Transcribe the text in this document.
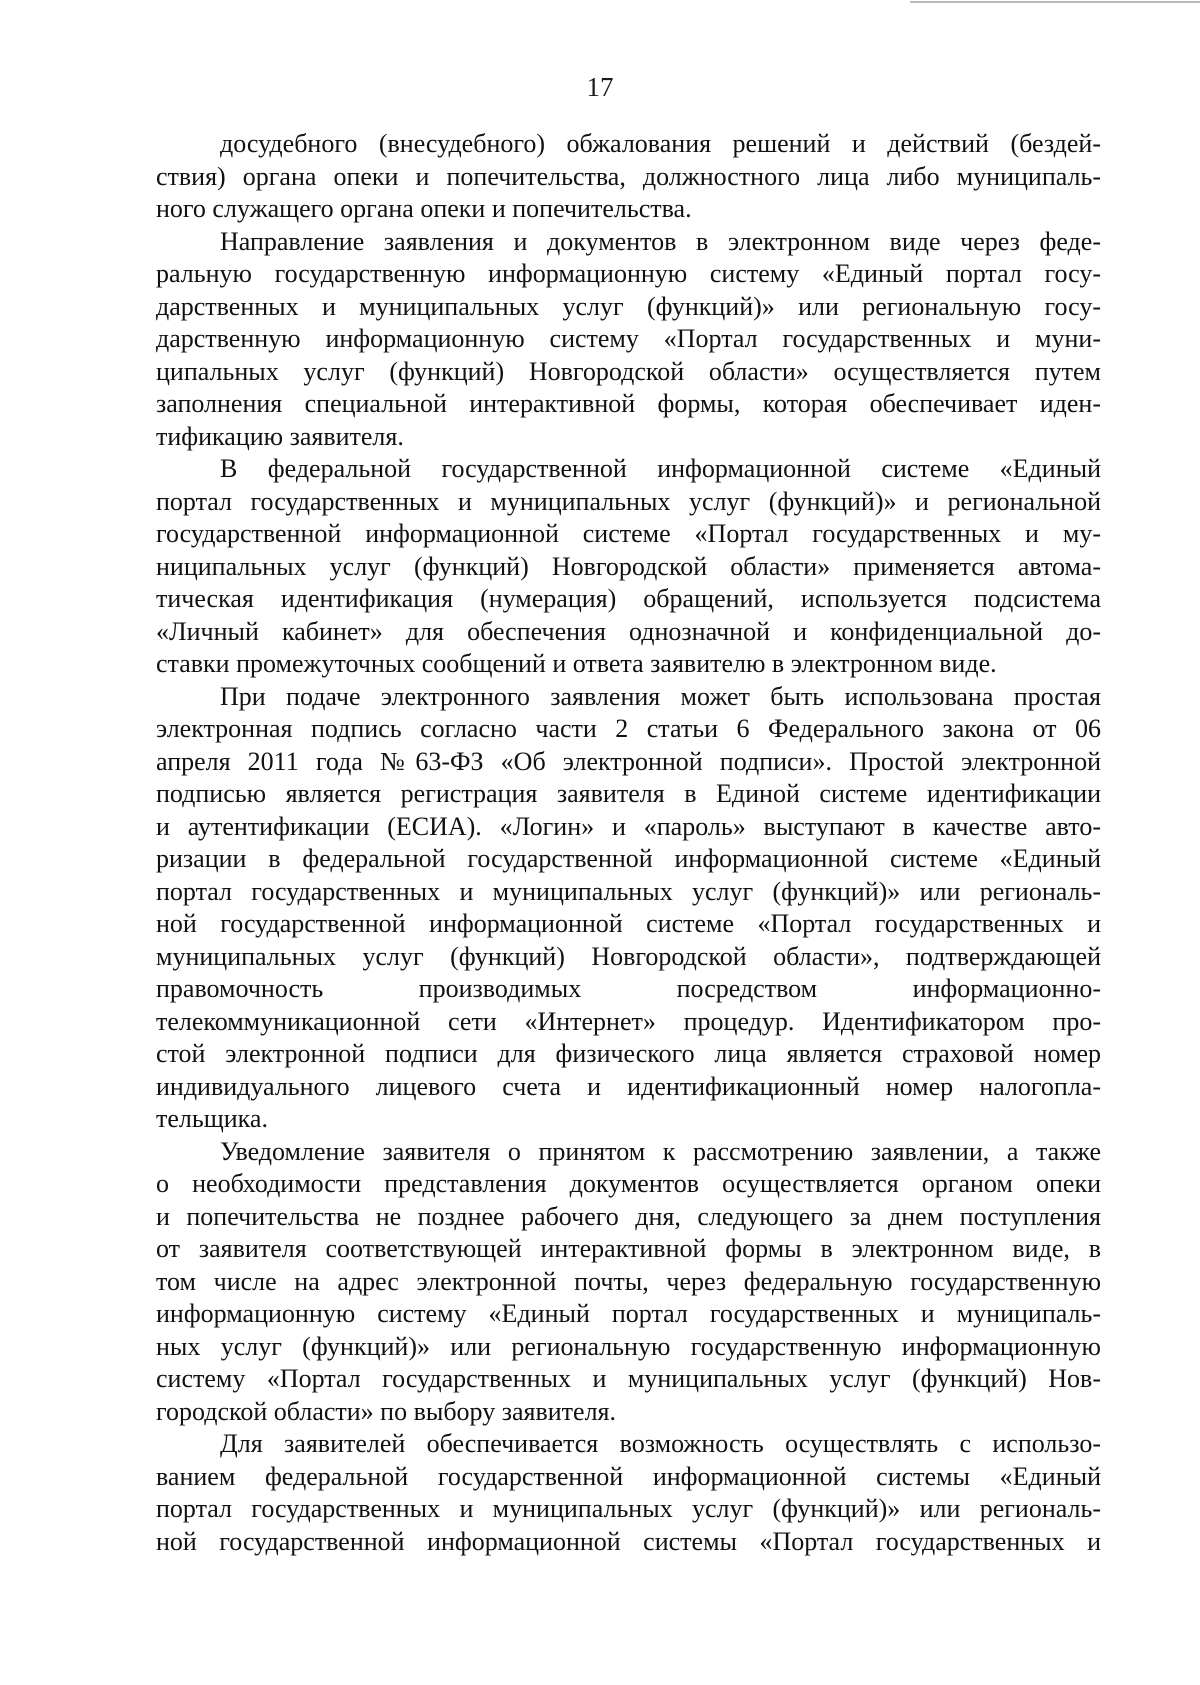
17
досудебного (внесудебного) обжалования решений и действий (бездей-
ствия) органа опеки и попечительства, должностного лица либо муниципаль-
ного служащего органа опеки и попечительства.
Направление заявления и документов в электронном виде через феде-
ральную государственную информационную систему «Единый портал госу-
дарственных и муниципальных услуг (функций)» или региональную госу-
дарственную информационную систему «Портал государственных и муни-
ципальных услуг (функций) Новгородской области» осуществляется путем
заполнения специальной интерактивной формы, которая обеспечивает иден-
тификацию заявителя.
В федеральной государственной информационной системе «Единый
портал государственных и муниципальных услуг (функций)» и региональной
государственной информационной системе «Портал государственных и му-
ниципальных услуг (функций) Новгородской области» применяется автома-
тическая идентификация (нумерация) обращений, используется подсистема
«Личный кабинет» для обеспечения однозначной и конфиденциальной до-
ставки промежуточных сообщений и ответа заявителю в электронном виде.
При подаче электронного заявления может быть использована простая
электронная подпись согласно части 2 статьи 6 Федерального закона от 06
апреля 2011 года №63-ФЗ «Об электронной подписи». Простой электронной
подписью является регистрация заявителя в Единой системе идентификации
и аутентификации (ЕСИА). «Логин» и «пароль» выступают в качестве авто-
ризации в федеральной государственной информационной системе «Единый
портал государственных и муниципальных услуг (функций)» или региональ-
ной государственной информационной системе «Портал государственных и
муниципальных услуг (функций) Новгородской области», подтверждающей
правомочность производимых посредством информационно-
телекоммуникационной сети «Интернет» процедур. Идентификатором про-
стой электронной подписи для физического лица является страховой номер
индивидуального лицевого счета и идентификационный номер налогопла-
тельщика.
Уведомление заявителя о принятом к рассмотрению заявлении, а также
о необходимости представления документов осуществляется органом опеки
и попечительства не позднее рабочего дня, следующего за днем поступления
от заявителя соответствующей интерактивной формы в электронном виде, в
том числе на адрес электронной почты, через федеральную государственную
информационную систему «Единый портал государственных и муниципаль-
ных услуг (функций)» или региональную государственную информационную
систему «Портал государственных и муниципальных услуг (функций) Нов-
городской области» по выбору заявителя.
Для заявителей обеспечивается возможность осуществлять с использо-
ванием федеральной государственной информационной системы «Единый
портал государственных и муниципальных услуг (функций)» или региональ-
ной государственной информационной системы «Портал государственных и
